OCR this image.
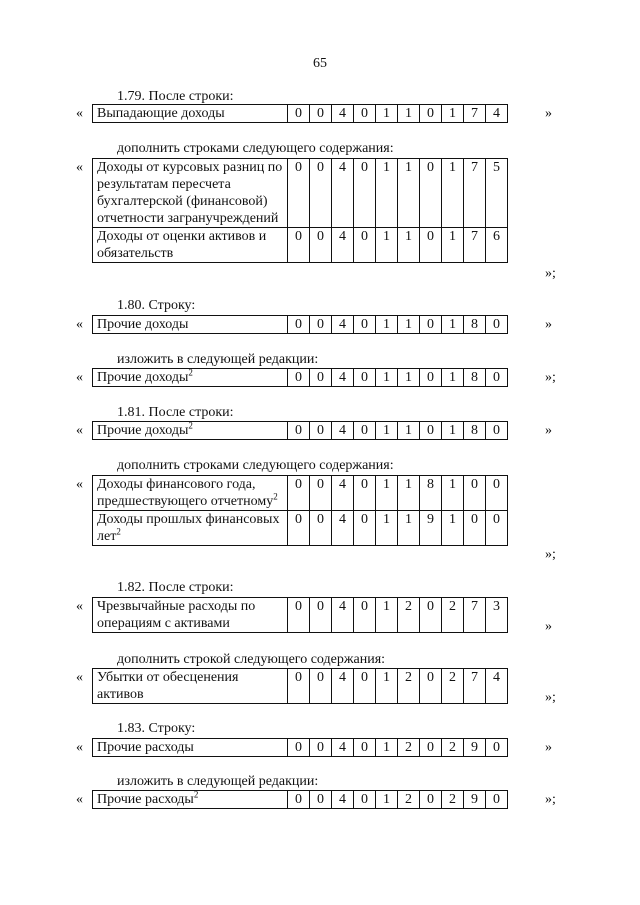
65
1.79. После строки:
« Выпадающие доходы	0	0	4	0	1	1	0	1	7	4	»
дополнить строками следующего содержания:
« Доходы от курсовых разниц по результатам пересчета бухгалтерской (финансовой) отчетности загранучреждений	0	0	4	0	1	1	0	1	7	5
Доходы от оценки активов и обязательств	0	0	4	0	1	1	0	1	7	6
»;
1.80. Строку:
« Прочие доходы	0	0	4	0	1	1	0	1	8	0	»
изложить в следующей редакции:
« Прочие доходы$^2$	0	0	4	0	1	1	0	1	8	0	»;
1.81. После строки:
« Прочие доходы$^2$	0	0	4	0	1	1	0	1	8	0	»
дополнить строками следующего содержания:
« Доходы финансового года, предшествующего отчетному$^2$	0	0	4	0	1	1	8	1	0	0
Доходы прошлых финансовых лет$^2$	0	0	4	0	1	1	9	1	0	0
»;
1.82. После строки:
« Чрезвычайные расходы по операциям с активами	0	0	4	0	1	2	0	2	7	3
»
дополнить строкой следующего содержания:
« Убытки от обесценения активов	0	0	4	0	1	2	0	2	7	4
»;
1.83. Строку:
« Прочие расходы	0	0	4	0	1	2	0	2	9	0	»
изложить в следующей редакции:
« Прочие расходы$^2$	0	0	4	0	1	2	0	2	9	0	»;
